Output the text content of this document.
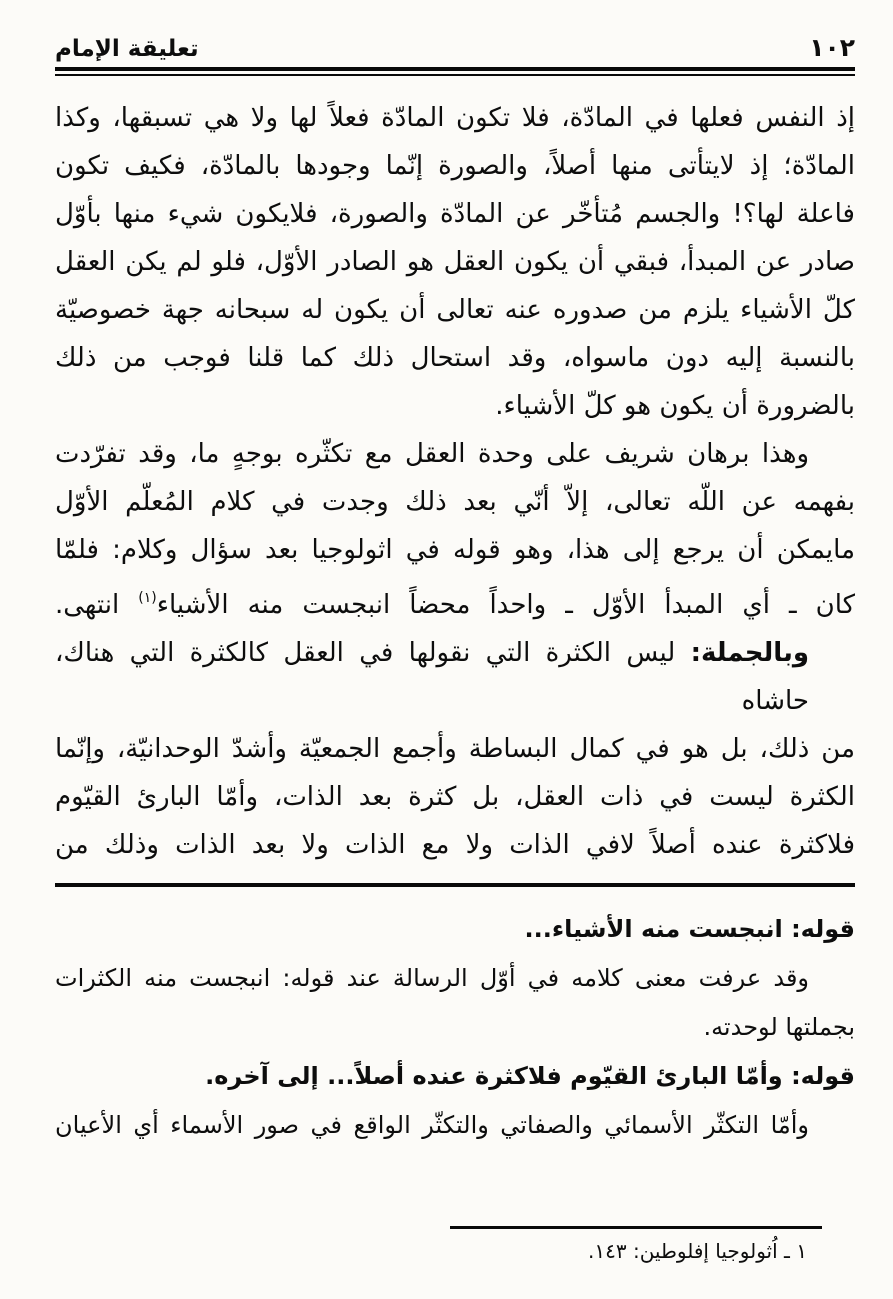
١٠٢
تعليقة الإمام
إذ النفس فعلها في المادّة، فلا تكون المادّة فعلاً لها ولا هي تسبقها، وكذا
المادّة؛ إذ لايتأتى منها أصلاً، والصورة إنّما وجودها بالمادّة، فكيف تكون
فاعلة لها؟! والجسم مُتأخّر عن المادّة والصورة، فلايكون شيء منها بأوّل
صادر عن المبدأ، فبقي أن يكون العقل هو الصادر الأوّل، فلو لم يكن العقل
كلّ الأشياء يلزم من صدوره عنه تعالى أن يكون له سبحانه جهة خصوصيّة
بالنسبة إليه دون ماسواه، وقد استحال ذلك كما قلنا فوجب من ذلك
بالضرورة أن يكون هو كلّ الأشياء.
وهذا برهان شريف على وحدة العقل مع تكثّره بوجهٍ ما، وقد تفرّدت
بفهمه عن اللّه تعالى، إلاّ أنّي بعد ذلك وجدت في كلام المُعلّم الأوّل
مايمكن أن يرجع إلى هذا، وهو قوله في اثولوجيا بعد سؤال وكلام: فلمّا
كان ـ أي المبدأ الأوّل ـ واحداً محضاً انبجست منه الأشياء$^{(١)}$ انتهى.
وبالجملة: ليس الكثرة التي نقولها في العقل كالكثرة التي هناك، حاشاه
من ذلك، بل هو في كمال البساطة وأجمع الجمعيّة وأشدّ الوحدانيّة، وإنّما
الكثرة ليست في ذات العقل، بل كثرة بعد الذات، وأمّا البارئ القيّوم
فلاكثرة عنده أصلاً لافي الذات ولا مع الذات ولا بعد الذات وذلك من
قوله: انبجست منه الأشياء...
وقد عرفت معنى كلامه في أوّل الرسالة عند قوله: انبجست منه الكثرات
بجملتها لوحدته.
قوله: وأمّا البارئ القيّوم فلاكثرة عنده أصلاً... إلى آخره.
وأمّا التكثّر الأسمائي والصفاتي والتكثّر الواقع في صور الأسماء أي الأعيان
١ ـ اُثولوجيا إفلوطين: ١٤٣.
